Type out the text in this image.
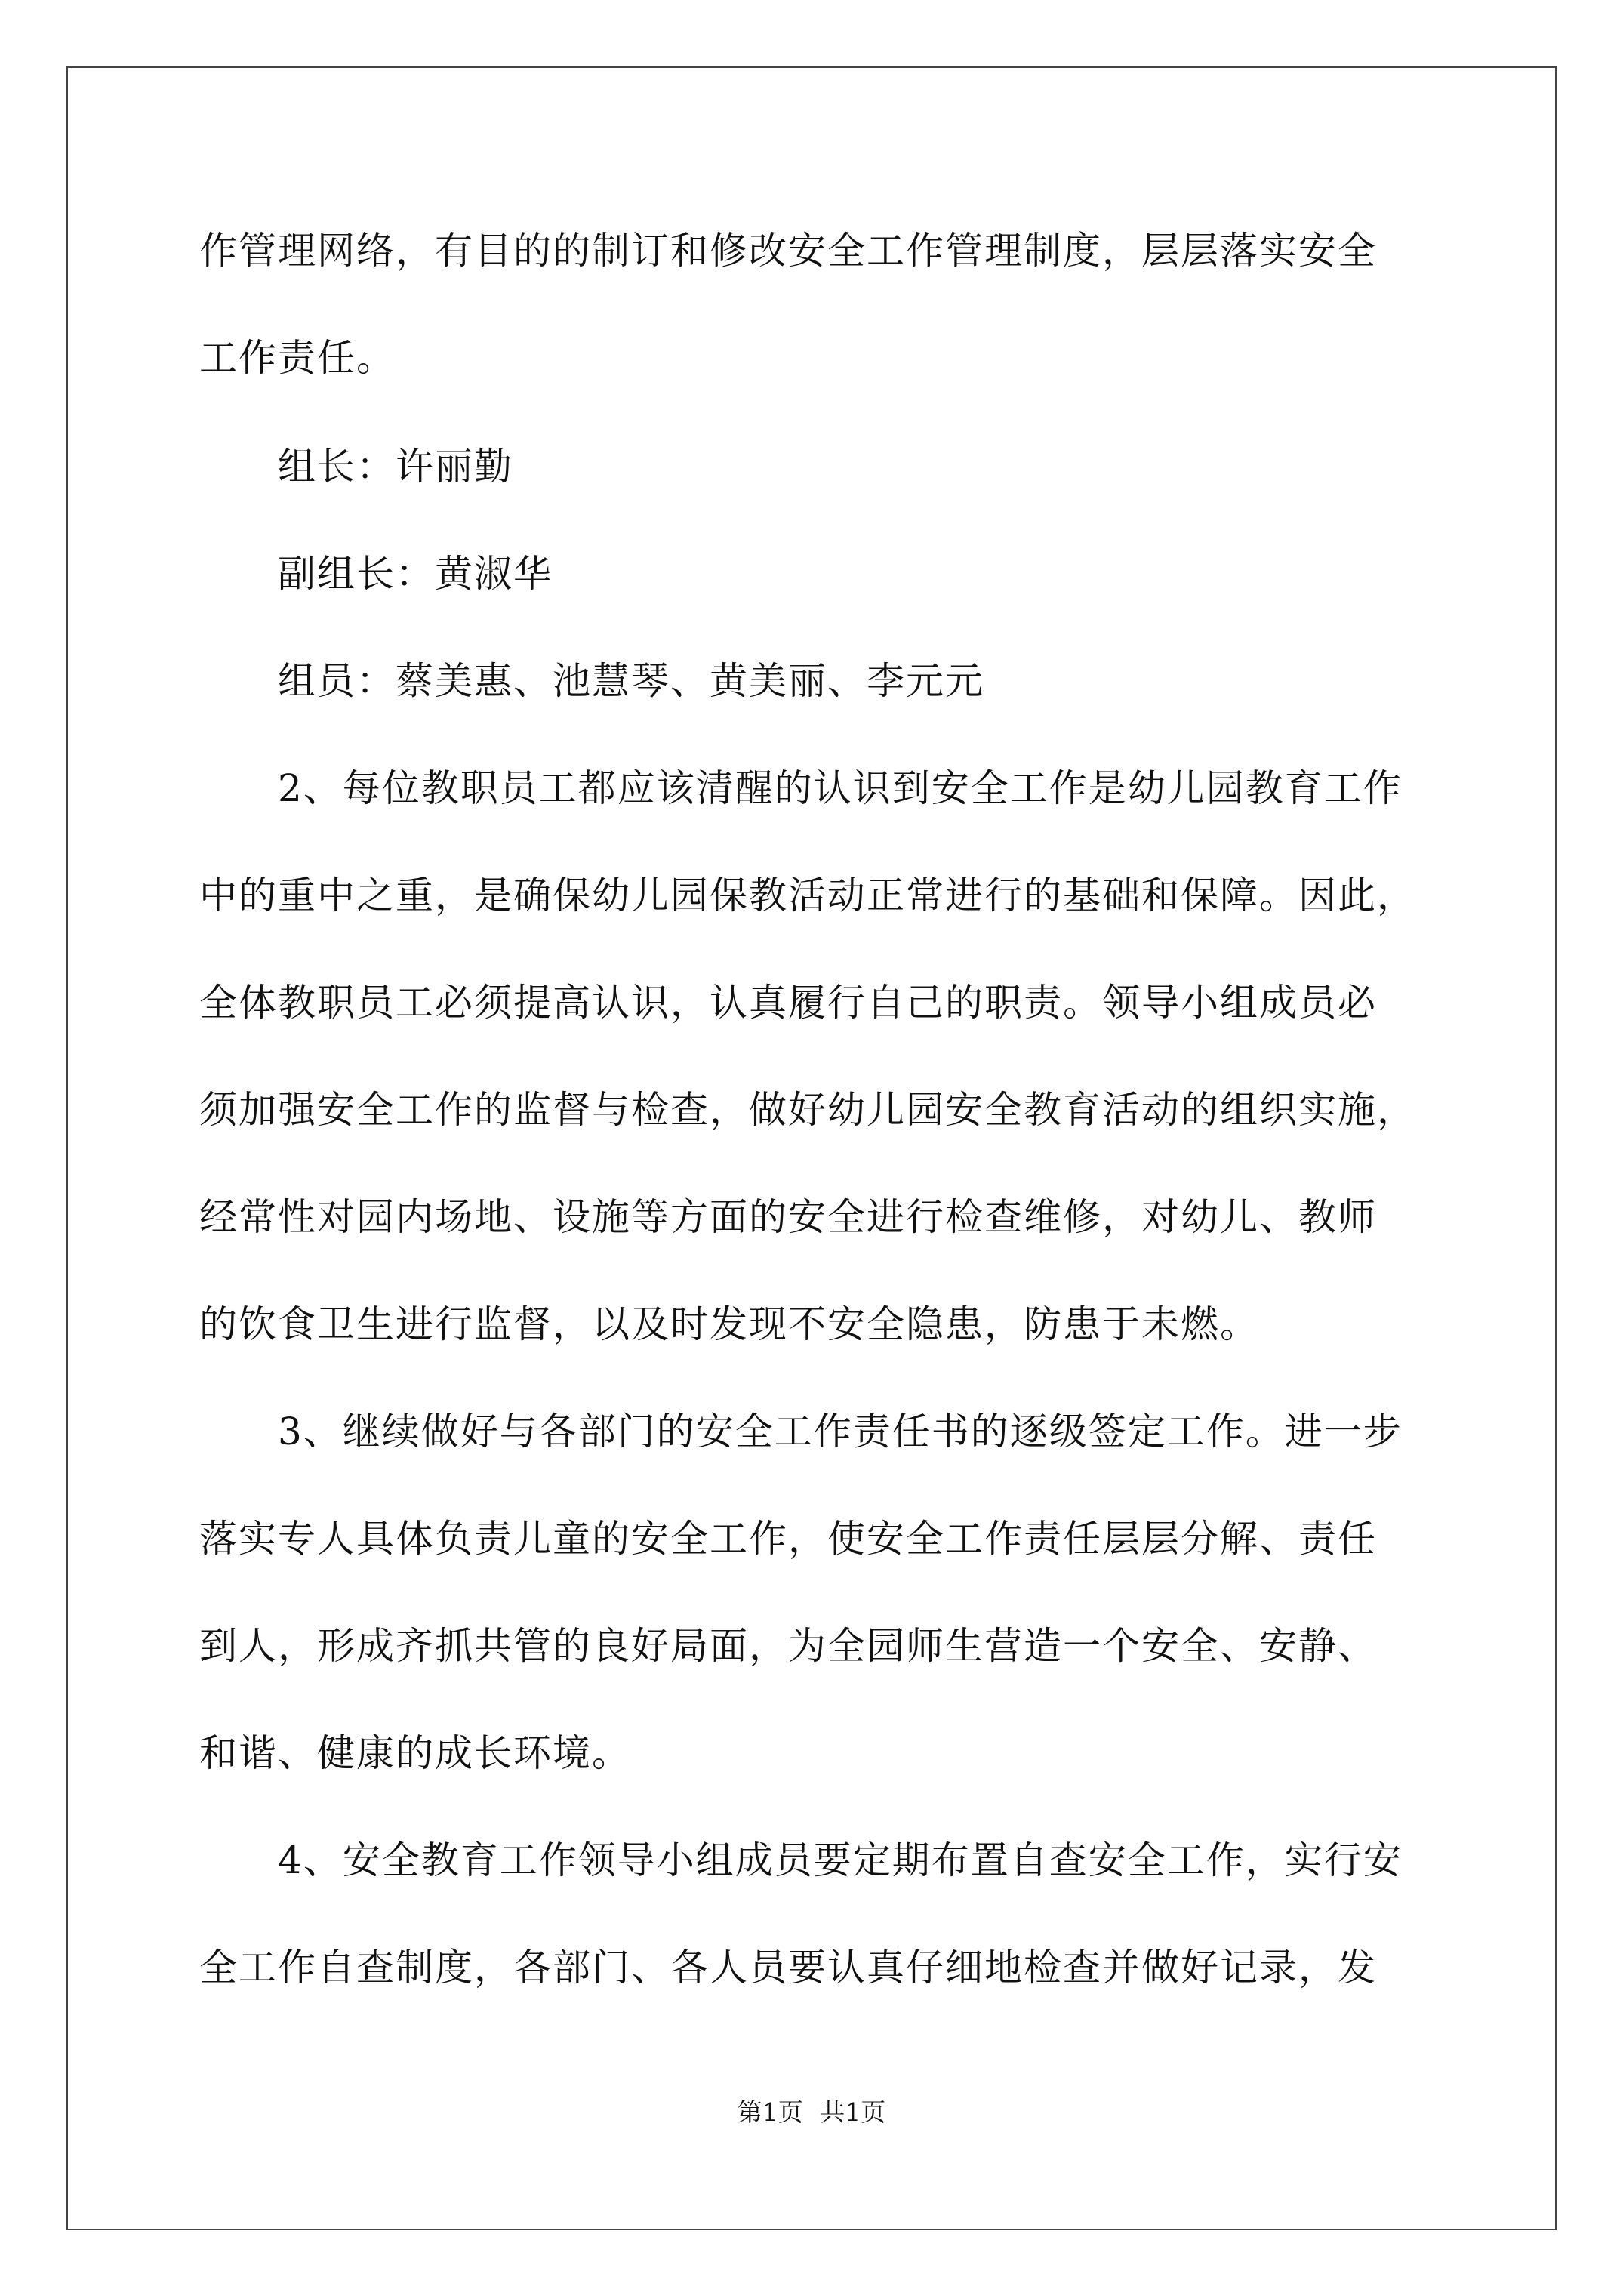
作管理网络，有目的的制订和修改安全工作管理制度，层层落实安全
工作责任。
组长：许丽勤
副组长：黄淑华
组员：蔡美惠、池慧琴、黄美丽、李元元
2、每位教职员工都应该清醒的认识到安全工作是幼儿园教育工作
中的重中之重，是确保幼儿园保教活动正常进行的基础和保障。因此，
全体教职员工必须提高认识，认真履行自己的职责。领导小组成员必
须加强安全工作的监督与检查，做好幼儿园安全教育活动的组织实施，
经常性对园内场地、设施等方面的安全进行检查维修，对幼儿、教师
的饮食卫生进行监督，以及时发现不安全隐患，防患于未燃。
3、继续做好与各部门的安全工作责任书的逐级签定工作。进一步
落实专人具体负责儿童的安全工作，使安全工作责任层层分解、责任
到人，形成齐抓共管的良好局面，为全园师生营造一个安全、安静、
和谐、健康的成长环境。
4、安全教育工作领导小组成员要定期布置自查安全工作，实行安
全工作自查制度，各部门、各人员要认真仔细地检查并做好记录，发
第1页 共1页
